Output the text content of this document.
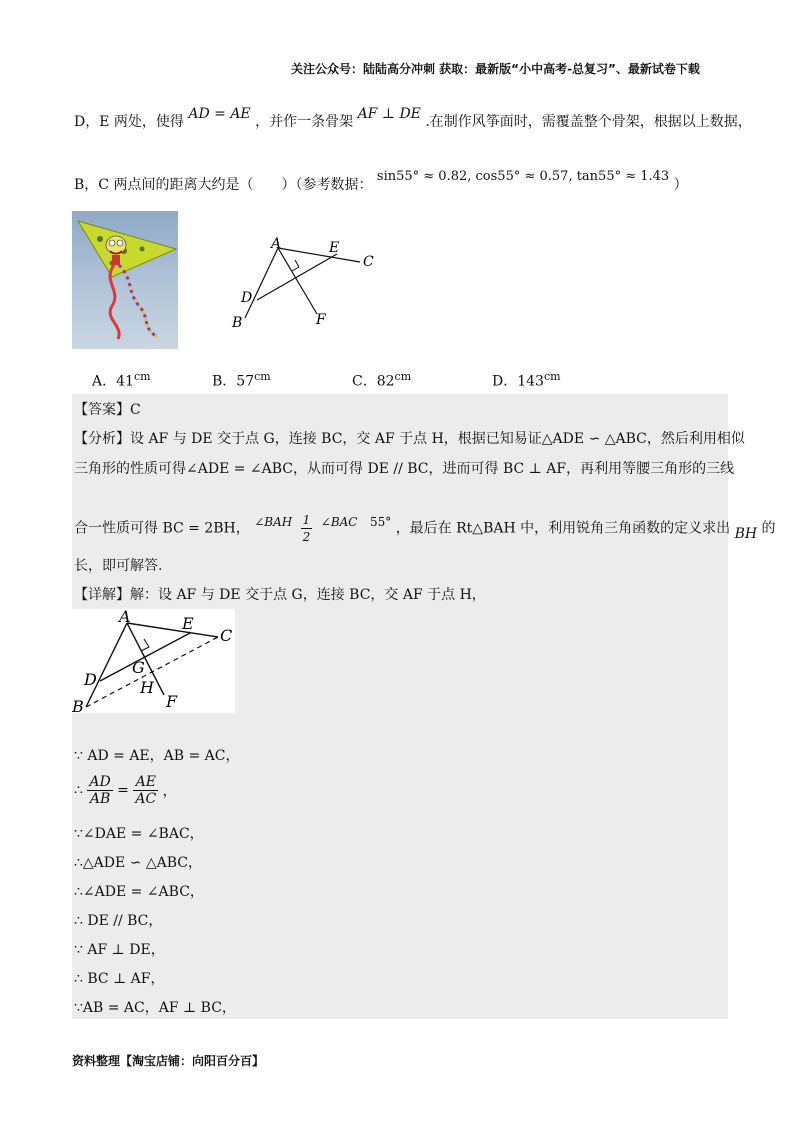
关注公众号：陆陆高分冲刺 获取：最新版“小中高考-总复习”、最新试卷下载
D，E 两处，使得 AD = AE ，并作一条骨架 AF ⊥ DE .在制作风筝面时，需覆盖整个骨架，根据以上数据，
B，C 两点间的距离大约是（　　）（参考数据： sin55° ≈ 0.82, cos55° ≈ 0.57, tan55° ≈ 1.43 ）
A	E
C
D
B	F
A．$41^{cm}$	B．$57^{cm}$	C．$82^{cm}$	D．$143^{cm}$
【答案】C
【分析】设 AF 与 DE 交于点 G，连接 BC，交 AF 于点 H，根据已知易证△ADE ∽ △ABC，然后利用相似
三角形的性质可得∠ADE = ∠ABC，从而可得 DE // BC，进而可得 BC ⊥ AF，再利用等腰三角形的三线
合一性质可得 BC = 2BH， ∠BAH $\frac{1}{2}$ ∠BAC 55° ，最后在 Rt△BAH 中，利用锐角三角函数的定义求出 BH 的
长，即可解答.
【详解】解：设 AF 与 DE 交于点 G，连接 BC，交 AF 于点 H，
A	E
C
D
G
H
B	F
∵ AD = AE，AB = AC，
∴ $\frac{AD}{AB} = \frac{AE}{AC}$ ，
∵∠DAE = ∠BAC，
∴△ADE ∽ △ABC，
∴∠ADE = ∠ABC，
∴ DE // BC，
∵ AF ⊥ DE，
∴ BC ⊥ AF，
∵AB = AC，AF ⊥ BC，
资料整理【淘宝店铺：向阳百分百】
